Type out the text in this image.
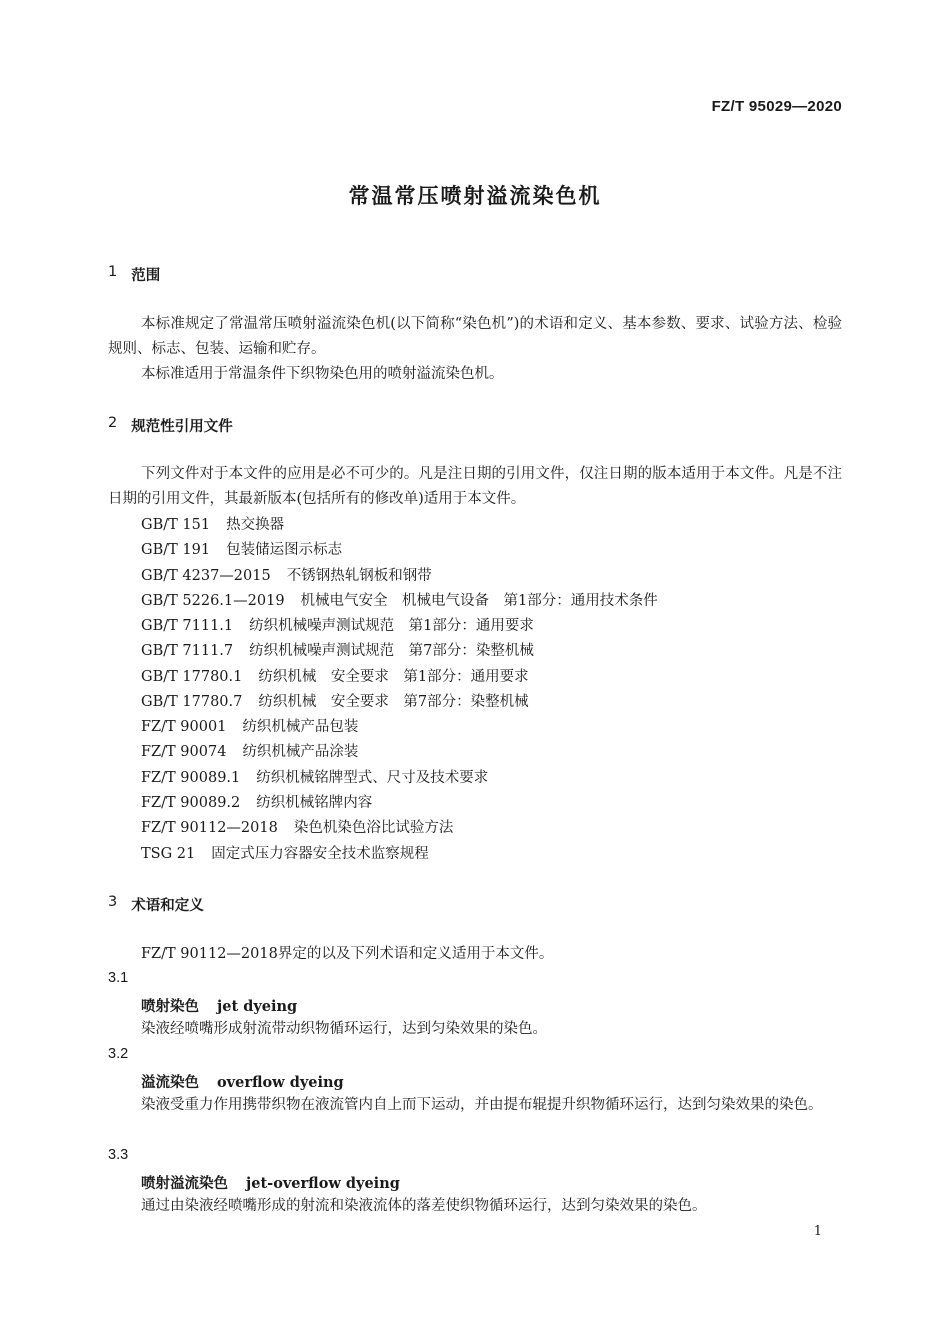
FZ/T 95029—2020
常温常压喷射溢流染色机
1 范围
本标准规定了常温常压喷射溢流染色机(以下简称“染色机”)的术语和定义、基本参数、要求、试验方法、检验规则、标志、包装、运输和贮存。
本标准适用于常温条件下织物染色用的喷射溢流染色机。
2 规范性引用文件
下列文件对于本文件的应用是必不可少的。凡是注日期的引用文件，仅注日期的版本适用于本文件。凡是不注日期的引用文件，其最新版本(包括所有的修改单)适用于本文件。
GB/T 151 热交换器
GB/T 191 包装储运图示标志
GB/T 4237—2015 不锈钢热轧钢板和钢带
GB/T 5226.1—2019 机械电气安全　机械电气设备　第1部分：通用技术条件
GB/T 7111.1 纺织机械噪声测试规范　第1部分：通用要求
GB/T 7111.7 纺织机械噪声测试规范　第7部分：染整机械
GB/T 17780.1 纺织机械　安全要求　第1部分：通用要求
GB/T 17780.7 纺织机械　安全要求　第7部分：染整机械
FZ/T 90001 纺织机械产品包装
FZ/T 90074 纺织机械产品涂装
FZ/T 90089.1 纺织机械铭牌型式、尺寸及技术要求
FZ/T 90089.2 纺织机械铭牌内容
FZ/T 90112—2018 染色机染色浴比试验方法
TSG 21 固定式压力容器安全技术监察规程
3 术语和定义
FZ/T 90112—2018界定的以及下列术语和定义适用于本文件。
3.1
喷射染色 jet dyeing
染液经喷嘴形成射流带动织物循环运行，达到匀染效果的染色。
3.2
溢流染色 overflow dyeing
染液受重力作用携带织物在液流管内自上而下运动，并由提布辊提升织物循环运行，达到匀染效果的染色。
3.3
喷射溢流染色 jet-overflow dyeing
通过由染液经喷嘴形成的射流和染液流体的落差使织物循环运行，达到匀染效果的染色。
1
